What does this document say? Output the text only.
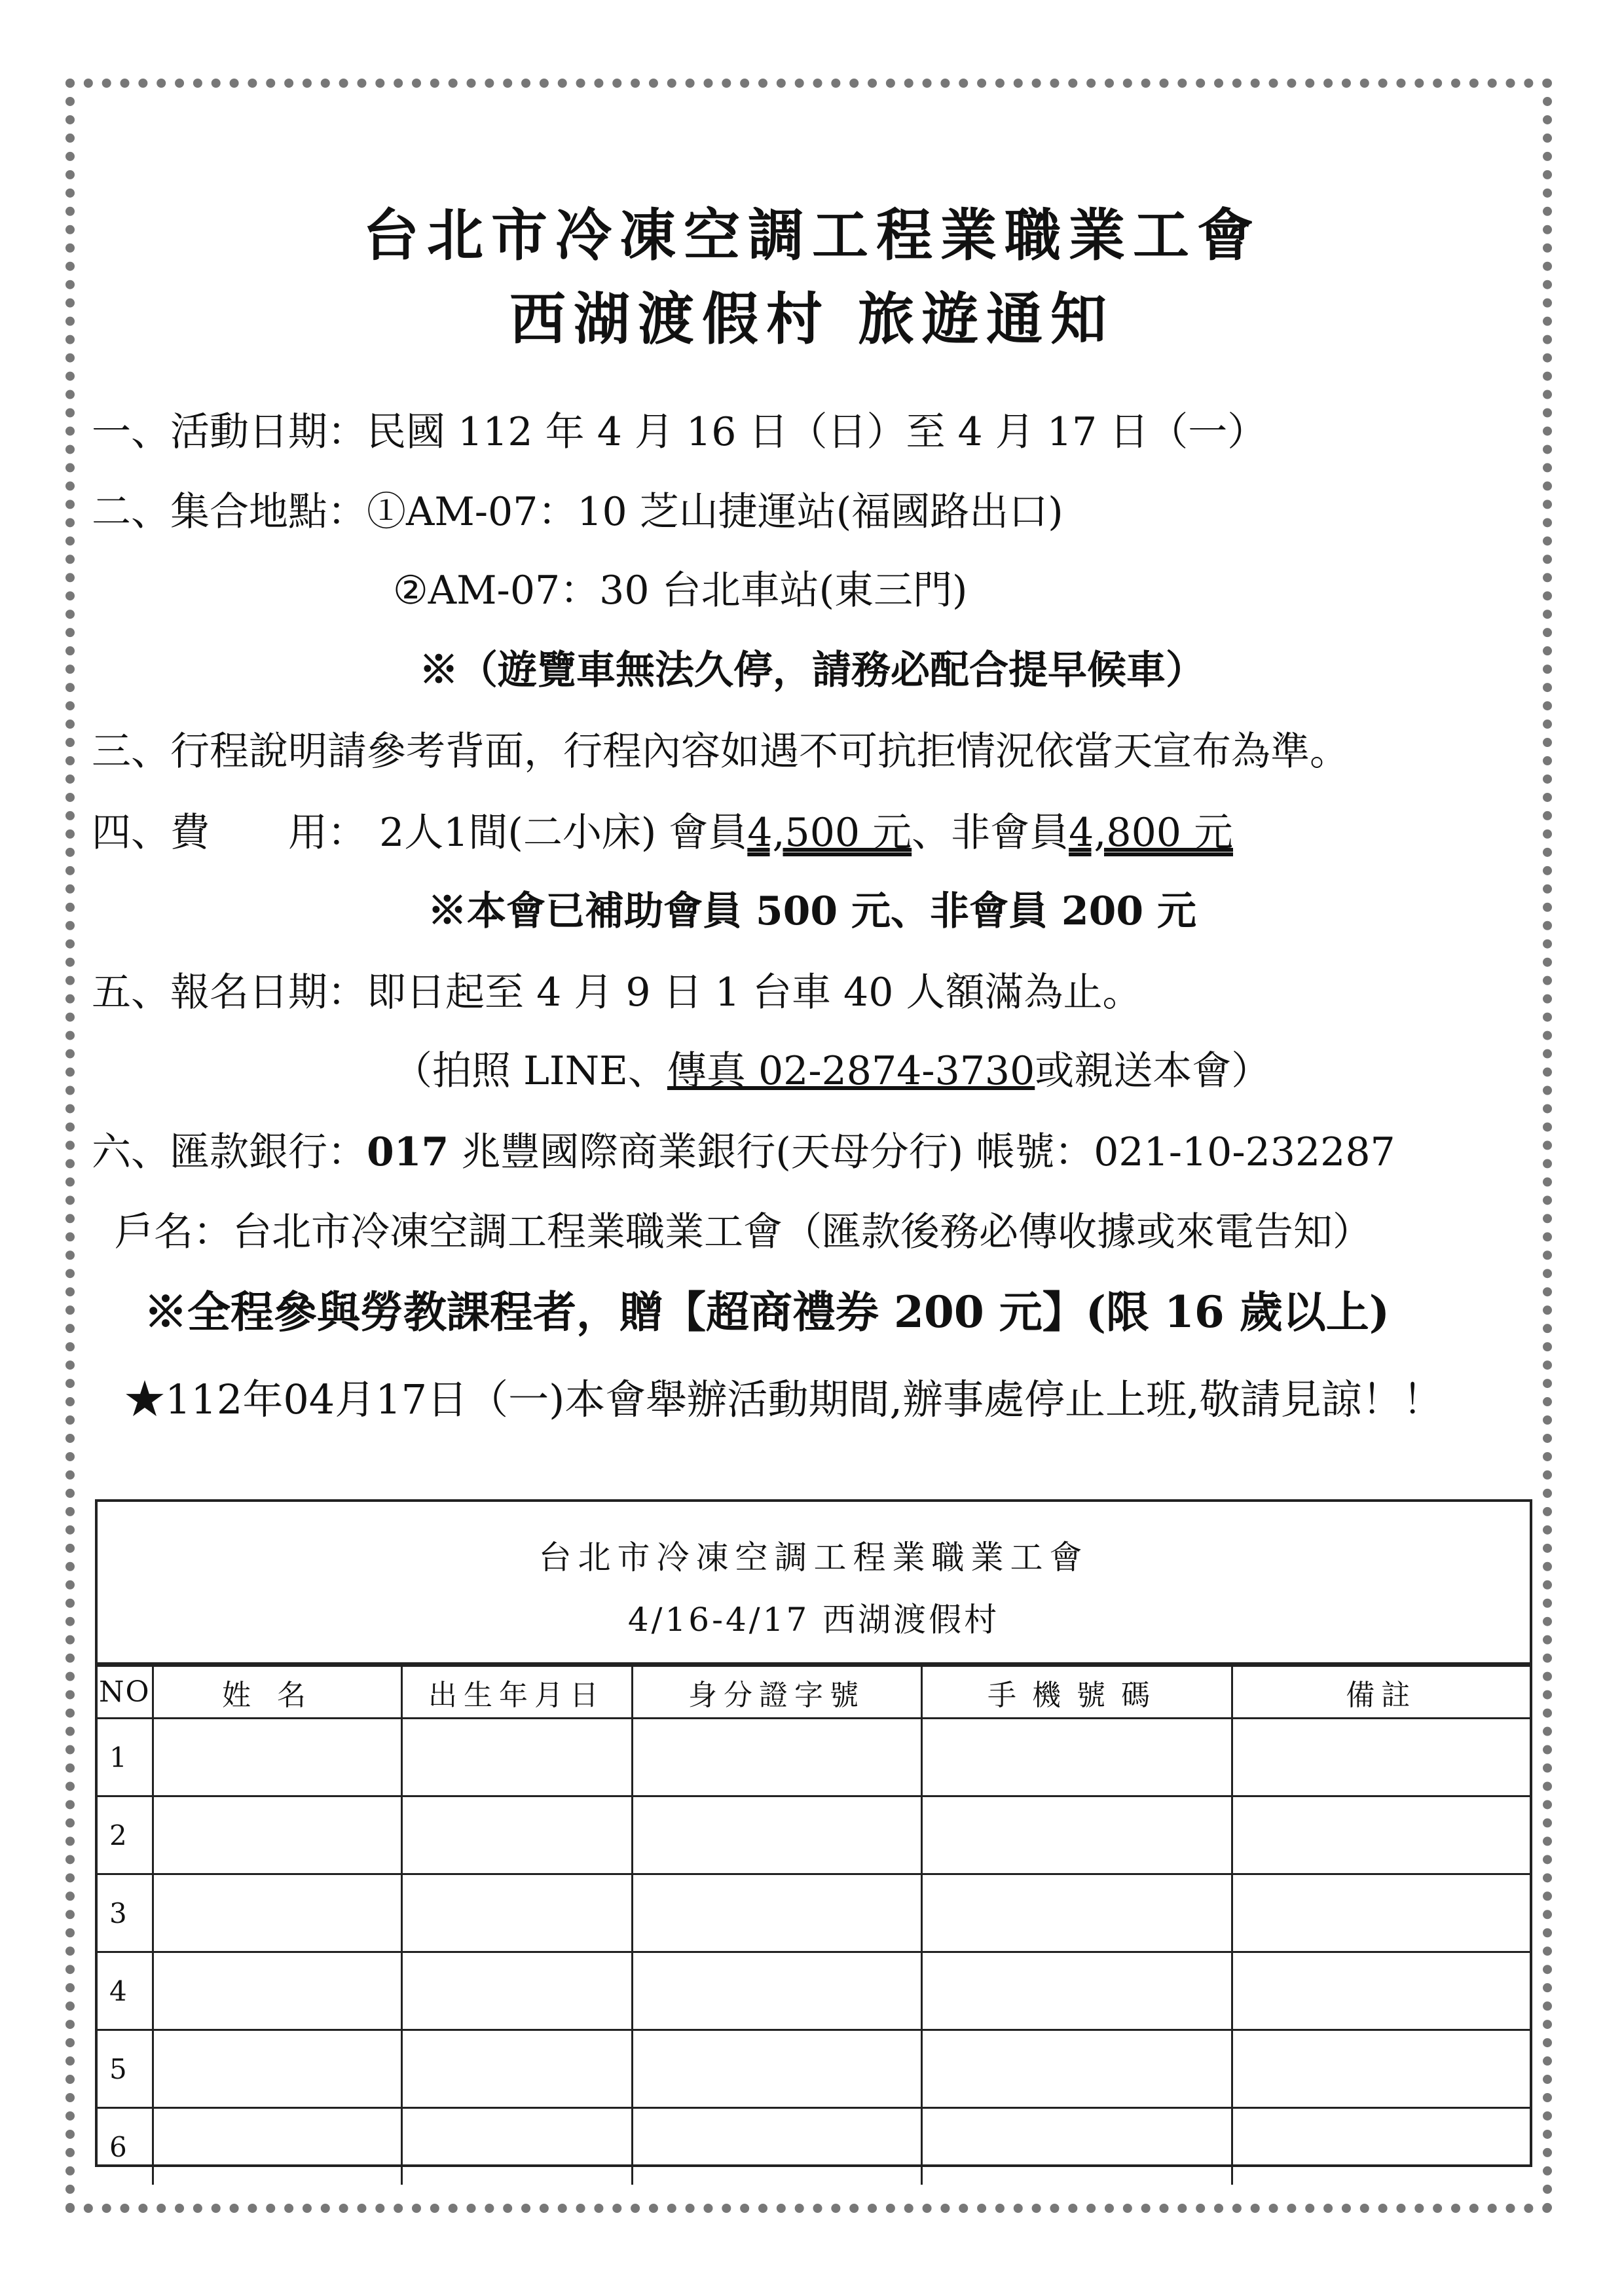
台北市冷凍空調工程業職業工會
西湖渡假村 旅遊通知
一、活動日期：民國 112 年 4 月 16 日（日）至 4 月 17 日（一）
二、集合地點：①AM-07：10 芝山捷運站(福國路出口)
②AM-07：30 台北車站(東三門)
※（遊覽車無法久停，請務必配合提早候車）
三、行程說明請參考背面，行程內容如遇不可抗拒情況依當天宣布為準。
四、費　　用： 2人1間(二小床) 會員4,500 元、非會員4,800 元
※本會已補助會員 500 元、非會員 200 元
五、報名日期：即日起至 4 月 9 日 1 台車 40 人額滿為止。
（拍照 LINE、傳真 02-2874-3730或親送本會）
六、匯款銀行：017 兆豐國際商業銀行(天母分行) 帳號：021-10-232287
戶名：台北市冷凍空調工程業職業工會（匯款後務必傳收據或來電告知）
※全程參與勞教課程者，贈【超商禮券 200 元】(限 16 歲以上)
★112年04月17日（一)本會舉辦活動期間,辦事處停止上班,敬請見諒！！
台北市冷凍空調工程業職業工會
4/16-4/17 西湖渡假村
NO	姓名	出生年月日	身分證字號	手機號碼	備註
1					
2					
3					
4					
5					
6					
